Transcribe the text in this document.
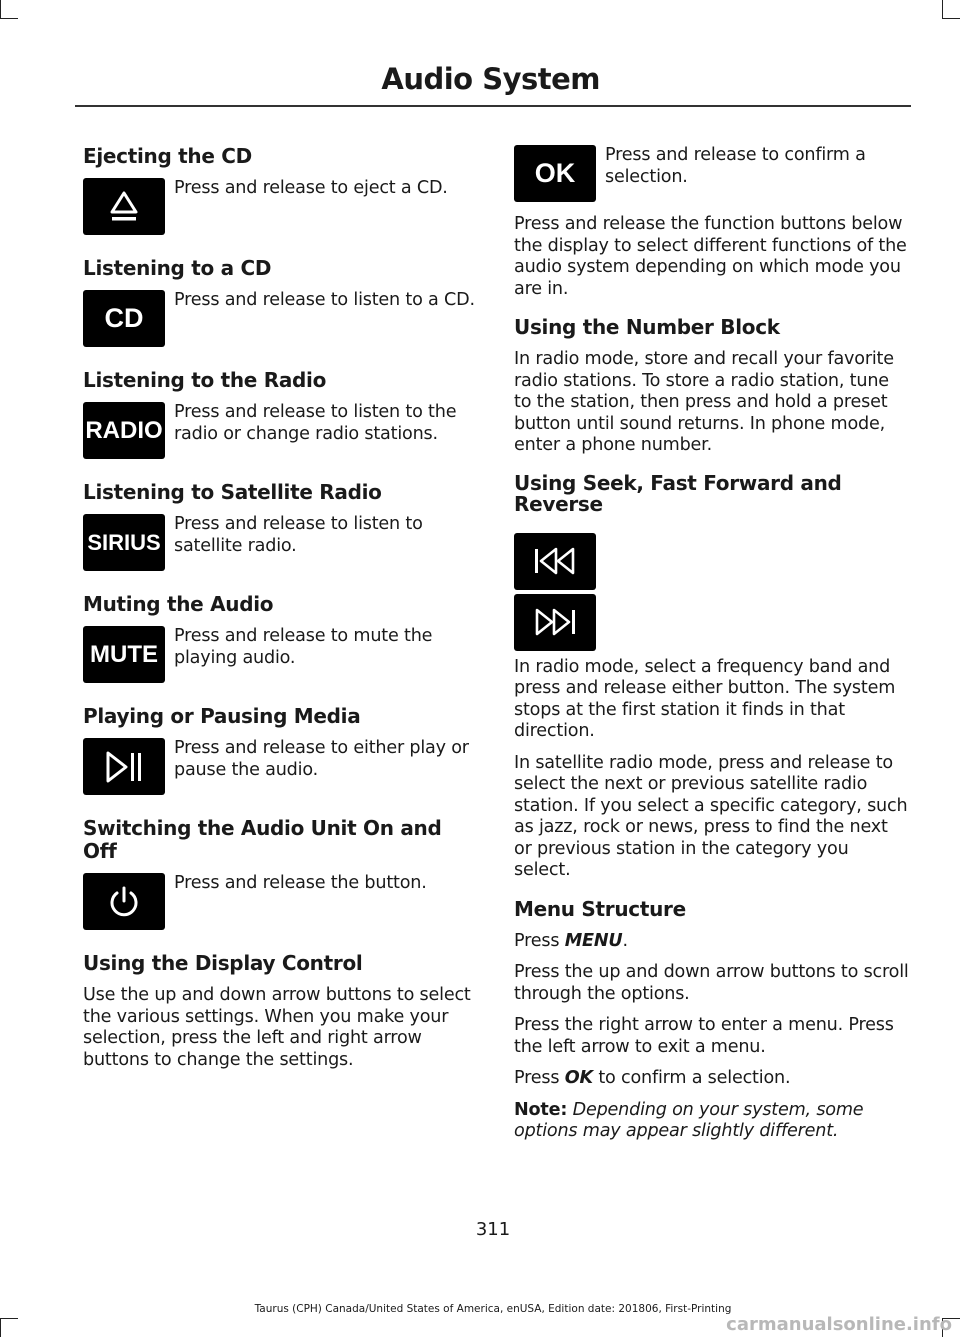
Audio System
Ejecting the CD
Press and release to eject a CD.
Listening to a CD
CD
Press and release to listen to a CD.
Listening to the Radio
RADIO
Press and release to listen to the radio or change radio stations.
Listening to Satellite Radio
SIRIUS
Press and release to listen to satellite radio.
Muting the Audio
MUTE
Press and release to mute the playing audio.
Playing or Pausing Media
Press and release to either play or pause the audio.
Switching the Audio Unit On and Off
Press and release the button.
Using the Display Control

Use the up and down arrow buttons to select the various settings. When you make your selection, press the left and right arrow buttons to change the settings.

OK
Press and release to confirm a selection.

Press and release the function buttons below the display to select different functions of the audio system depending on which mode you are in.

Using the Number Block

In radio mode, store and recall your favorite radio stations. To store a radio station, tune to the station, then press and hold a preset button until sound returns. In phone mode, enter a phone number.

Using Seek, Fast Forward and Reverse

In radio mode, select a frequency band and press and release either button. The system stops at the first station it finds in that direction.

In satellite radio mode, press and release to select the next or previous satellite radio station. If you select a specific category, such as jazz, rock or news, press to find the next or previous station in the category you select.

Menu Structure

Press MENU.

Press the up and down arrow buttons to scroll through the options.

Press the right arrow to enter a menu. Press the left arrow to exit a menu.

Press OK to confirm a selection.

Note: Depending on your system, some options may appear slightly different.

311
Taurus (CPH) Canada/United States of America, enUSA, Edition date: 201806, First-Printing
carmanualsonline.info
